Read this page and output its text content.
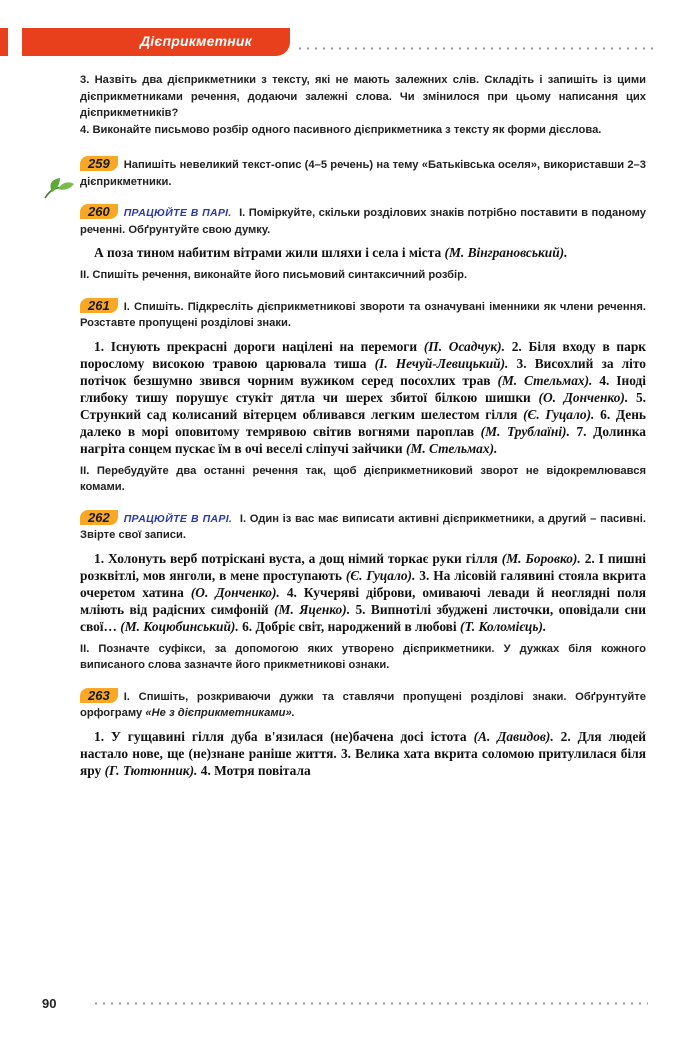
Дієприкметник

3. Назвіть два дієприкметники з тексту, які не мають залежних слів. Складіть і запишіть із цими дієприкметниками речення, додаючи залежні слова. Чи змінилося при цьому написання цих дієприкметників?

4. Виконайте письмово розбір одного пасивного дієприкметника з тексту як форми дієслова.

259 Напишіть невеликий текст-опис (4–5 речень) на тему «Батьківська оселя», використавши 2–3 дієприкметники.

260 ПРАЦЮЙТЕ В ПАРІ. І. Поміркуйте, скільки розділових знаків потрібно поставити в поданому реченні. Обґрунтуйте свою думку.

А поза тином набитим вітрами жили шляхи і села і міста (М. Вінграновський).

ІІ. Спишіть речення, виконайте його письмовий синтаксичний розбір.

261 І. Спишіть. Підкресліть дієприкметникові звороти та означувані іменники як члени речення. Розставте пропущені розділові знаки.

1. Існують прекрасні дороги націлені на перемоги (П. Осадчук). 2. Біля входу в парк порослому високою травою царювала тиша (І. Нечуй-Левицький). 3. Висохлий за літо потічок безшумно звився чорним вужиком серед посохлих трав (М. Стельмах). 4. Іноді глибоку тишу порушує стукіт дятла чи шерех збитої білкою шишки (О. Донченко). 5. Стрункий сад колисаний вітерцем обливався легким шелестом гілля (Є. Гуцало). 6. День далеко в морі оповитому темрявою світив вогнями пароплав (М. Трублаїні). 7. Долинка нагріта сонцем пускає їм в очі веселі сліпучі зайчики (М. Стельмах).

ІІ. Перебудуйте два останні речення так, щоб дієприкметниковий зворот не відокремлювався комами.

262 ПРАЦЮЙТЕ В ПАРІ. І. Один із вас має виписати активні дієприкметники, а другий – пасивні. Звірте свої записи.

1. Холонуть верб потріскані вуста, а дощ німий торкає руки гілля (М. Боровко). 2. І пишні розквітлі, мов янголи, в мене проступають (Є. Гуцало). 3. На лісовій галявині стояла вкрита очеретом хатина (О. Донченко). 4. Кучеряві діброви, омиваючі левади й неоглядні поля мліють від радісних симфоній (М. Яценко). 5. Випнотілі збуджені листочки, оповідали сни свої… (М. Коцюбинський). 6. Добріє світ, народжений в любові (Т. Коломієць).

ІІ. Позначте суфікси, за допомогою яких утворено дієприкметники. У дужках біля кожного виписаного слова зазначте його прикметникові ознаки.

263 І. Спишіть, розкриваючи дужки та ставлячи пропущені розділові знаки. Обґрунтуйте орфограму «Не з дієприкметниками».

1. У гущавині гілля дуба в'язилася (не)бачена досі істота (А. Давидов). 2. Для людей настало нове, ще (не)знане раніше життя. 3. Велика хата вкрита соломою притулилася біля яру (Г. Тютюнник). 4. Мотря повітала

90
